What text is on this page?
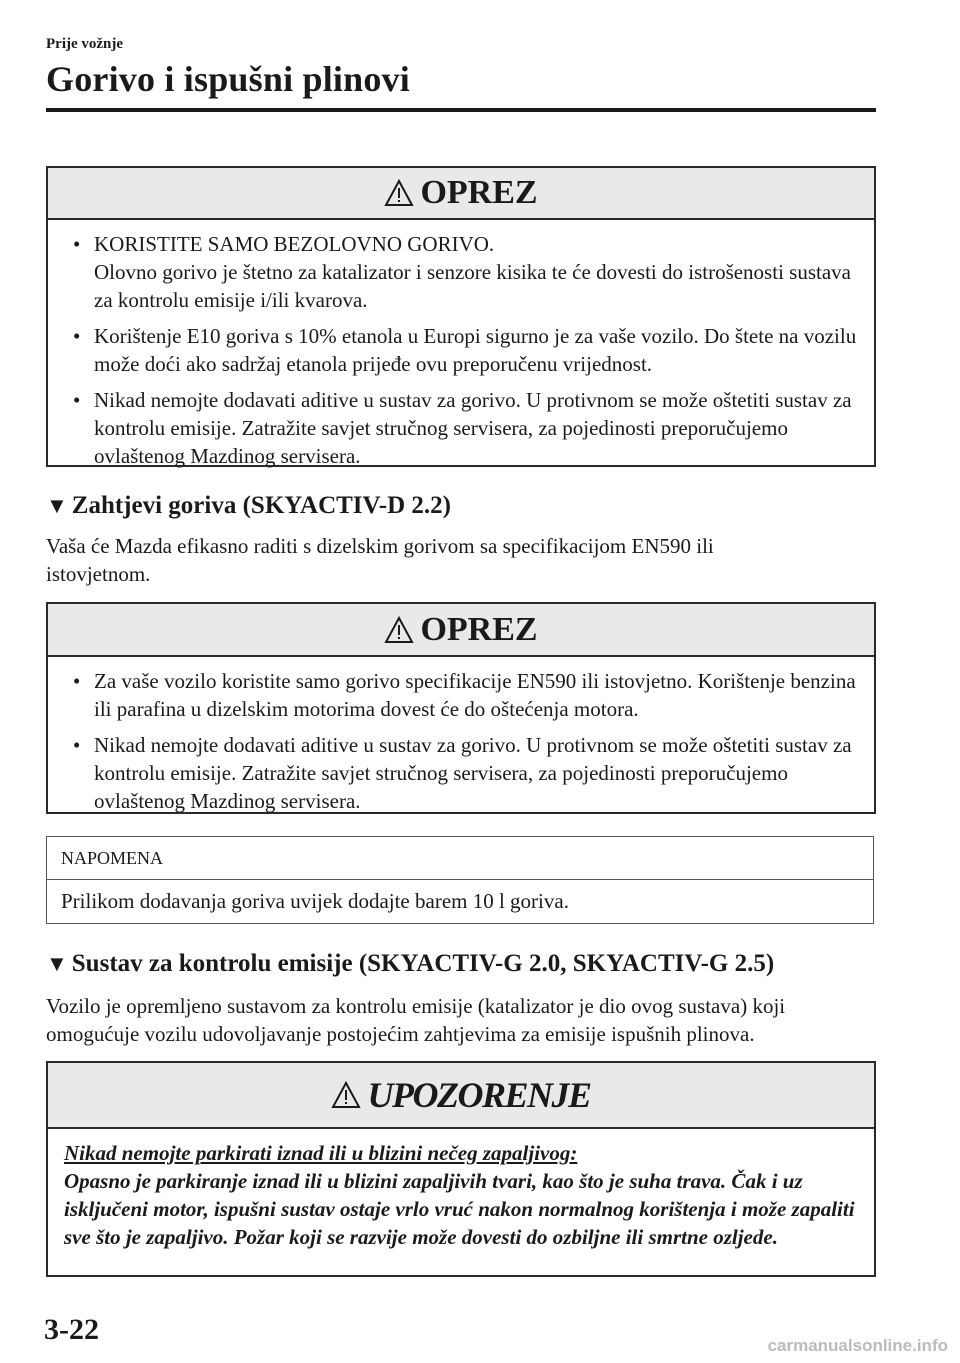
Prije vožnje
Gorivo i ispušni plinovi
OPREZ
• KORISTITE SAMO BEZOLOVNO GORIVO.
Olovno gorivo je štetno za katalizator i senzore kisika te će dovesti do istrošenosti sustava za kontrolu emisije i/ili kvarova.
• Korištenje E10 goriva s 10% etanola u Europi sigurno je za vaše vozilo. Do štete na vozilu može doći ako sadržaj etanola prijeđe ovu preporučenu vrijednost.
• Nikad nemojte dodavati aditive u sustav za gorivo. U protivnom se može oštetiti sustav za kontrolu emisije. Zatražite savjet stručnog servisera, za pojedinosti preporučujemo ovlaštenog Mazdinog servisera.
▼ Zahtjevi goriva (SKYACTIV-D 2.2)

Vaša će Mazda efikasno raditi s dizelskim gorivom sa specifikacijom EN590 ili istovjetnom.

OPREZ
• Za vaše vozilo koristite samo gorivo specifikacije EN590 ili istovjetno. Korištenje benzina ili parafina u dizelskim motorima dovest će do oštećenja motora.
• Nikad nemojte dodavati aditive u sustav za gorivo. U protivnom se može oštetiti sustav za kontrolu emisije. Zatražite savjet stručnog servisera, za pojedinosti preporučujemo ovlaštenog Mazdinog servisera.
NAPOMENA
Prilikom dodavanja goriva uvijek dodajte barem 10 l goriva.
▼ Sustav za kontrolu emisije (SKYACTIV-G 2.0, SKYACTIV-G 2.5)

Vozilo je opremljeno sustavom za kontrolu emisije (katalizator je dio ovog sustava) koji omogućuje vozilu udovoljavanje postojećim zahtjevima za emisije ispušnih plinova.

UPOZORENJE
Nikad nemojte parkirati iznad ili u blizini nečeg zapaljivog:
Opasno je parkiranje iznad ili u blizini zapaljivih tvari, kao što je suha trava. Čak i uz isključeni motor, ispušni sustav ostaje vrlo vruć nakon normalnog korištenja i može zapaliti sve što je zapaljivo. Požar koji se razvije može dovesti do ozbiljne ili smrtne ozljede.
3-22	carmanualsonline.info
